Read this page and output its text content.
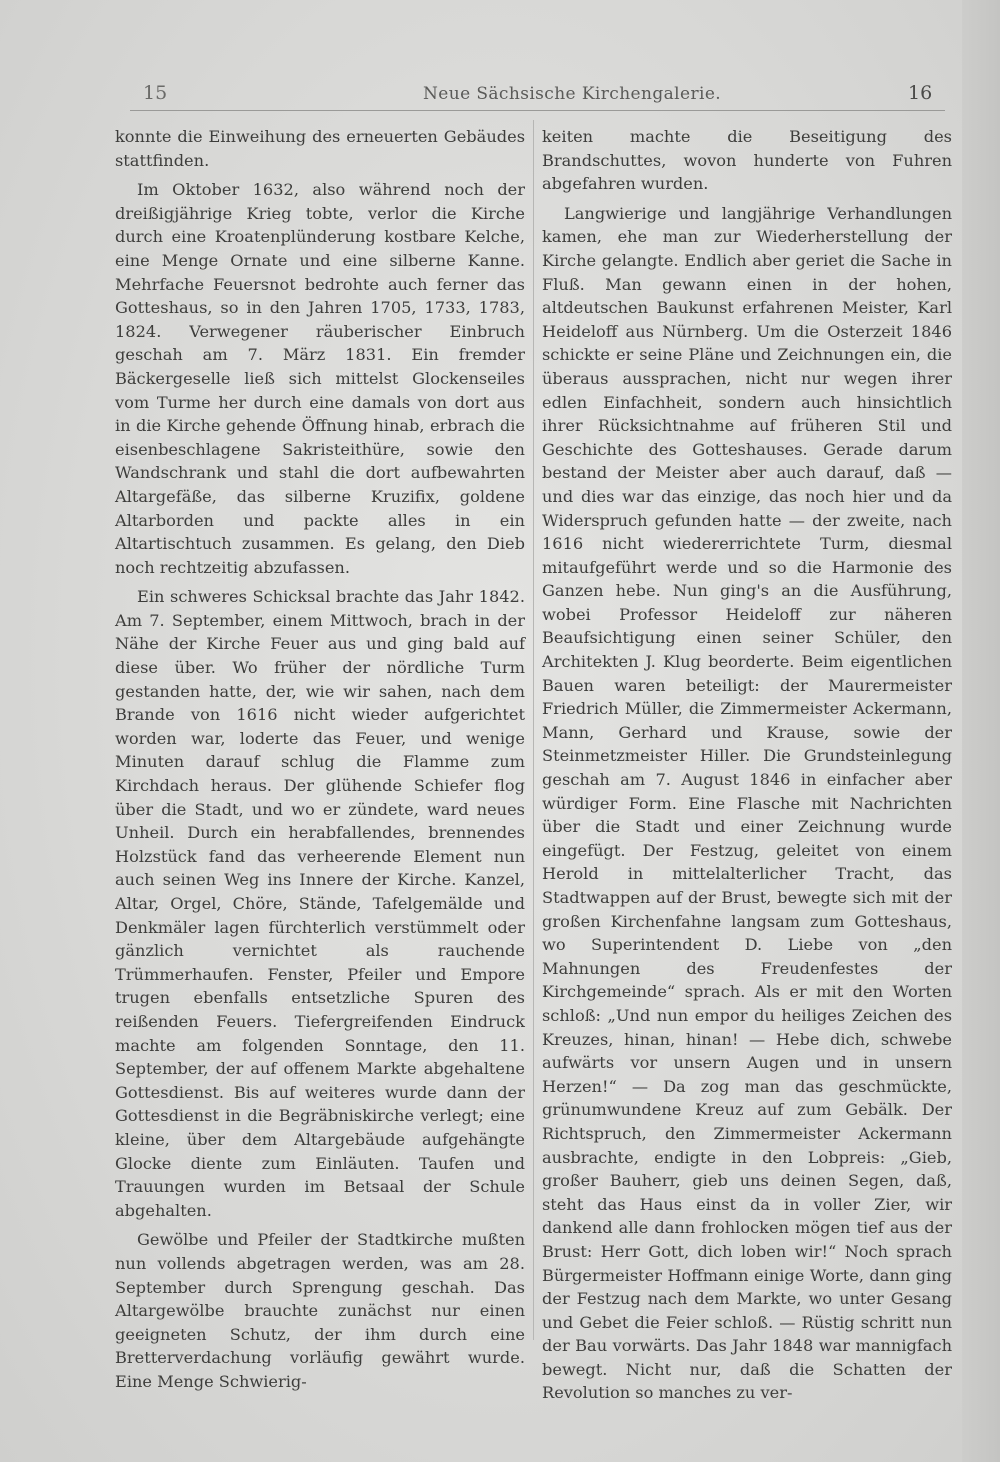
15	Neue Sächsische Kirchengalerie.	16

konnte die Einweihung des erneuerten Gebäudes stattfinden.

Im Oktober 1632, also während noch der dreißigjährige Krieg tobte, verlor die Kirche durch eine Kroatenplünderung kostbare Kelche, eine Menge Ornate und eine silberne Kanne. Mehrfache Feuersnot bedrohte auch ferner das Gotteshaus, so in den Jahren 1705, 1733, 1783, 1824. Verwegener räuberischer Einbruch geschah am 7. März 1831. Ein fremder Bäckergeselle ließ sich mittelst Glockenseiles vom Turme her durch eine damals von dort aus in die Kirche gehende Öffnung hinab, erbrach die eisenbeschlagene Sakristeithüre, sowie den Wandschrank und stahl die dort aufbewahrten Altargefäße, das silberne Kruzifix, goldene Altarborden und packte alles in ein Altartischtuch zusammen. Es gelang, den Dieb noch rechtzeitig abzufassen.

Ein schweres Schicksal brachte das Jahr 1842. Am 7. September, einem Mittwoch, brach in der Nähe der Kirche Feuer aus und ging bald auf diese über. Wo früher der nördliche Turm gestanden hatte, der, wie wir sahen, nach dem Brande von 1616 nicht wieder aufgerichtet worden war, loderte das Feuer, und wenige Minuten darauf schlug die Flamme zum Kirchdach heraus. Der glühende Schiefer flog über die Stadt, und wo er zündete, ward neues Unheil. Durch ein herabfallendes, brennendes Holzstück fand das verheerende Element nun auch seinen Weg ins Innere der Kirche. Kanzel, Altar, Orgel, Chöre, Stände, Tafelgemälde und Denkmäler lagen fürchterlich verstümmelt oder gänzlich vernichtet als rauchende Trümmerhaufen. Fenster, Pfeiler und Empore trugen ebenfalls entsetzliche Spuren des reißenden Feuers. Tiefergreifenden Eindruck machte am folgenden Sonntage, den 11. September, der auf offenem Markte abgehaltene Gottesdienst. Bis auf weiteres wurde dann der Gottesdienst in die Begräbniskirche verlegt; eine kleine, über dem Altargebäude aufgehängte Glocke diente zum Einläuten. Taufen und Trauungen wurden im Betsaal der Schule abgehalten.

Gewölbe und Pfeiler der Stadtkirche mußten nun vollends abgetragen werden, was am 28. September durch Sprengung geschah. Das Altargewölbe brauchte zunächst nur einen geeigneten Schutz, der ihm durch eine Bretterverdachung vorläufig gewährt wurde. Eine Menge Schwierig-

keiten machte die Beseitigung des Brandschuttes, wovon hunderte von Fuhren abgefahren wurden.

Langwierige und langjährige Verhandlungen kamen, ehe man zur Wiederherstellung der Kirche gelangte. Endlich aber geriet die Sache in Fluß. Man gewann einen in der hohen, altdeutschen Baukunst erfahrenen Meister, Karl Heideloff aus Nürnberg. Um die Osterzeit 1846 schickte er seine Pläne und Zeichnungen ein, die überaus aussprachen, nicht nur wegen ihrer edlen Einfachheit, sondern auch hinsichtlich ihrer Rücksichtnahme auf früheren Stil und Geschichte des Gotteshauses. Gerade darum bestand der Meister aber auch darauf, daß — und dies war das einzige, das noch hier und da Widerspruch gefunden hatte — der zweite, nach 1616 nicht wiedererrichtete Turm, diesmal mitaufgeführt werde und so die Harmonie des Ganzen hebe. Nun ging's an die Ausführung, wobei Professor Heideloff zur näheren Beaufsichtigung einen seiner Schüler, den Architekten J. Klug beorderte. Beim eigentlichen Bauen waren beteiligt: der Maurermeister Friedrich Müller, die Zimmermeister Ackermann, Mann, Gerhard und Krause, sowie der Steinmetzmeister Hiller. Die Grundsteinlegung geschah am 7. August 1846 in einfacher aber würdiger Form. Eine Flasche mit Nachrichten über die Stadt und einer Zeichnung wurde eingefügt. Der Festzug, geleitet von einem Herold in mittelalterlicher Tracht, das Stadtwappen auf der Brust, bewegte sich mit der großen Kirchenfahne langsam zum Gotteshaus, wo Superintendent D. Liebe von „den Mahnungen des Freudenfestes der Kirchgemeinde“ sprach. Als er mit den Worten schloß: „Und nun empor du heiliges Zeichen des Kreuzes, hinan, hinan! — Hebe dich, schwebe aufwärts vor unsern Augen und in unsern Herzen!“ — Da zog man das geschmückte, grünumwundene Kreuz auf zum Gebälk. Der Richtspruch, den Zimmermeister Ackermann ausbrachte, endigte in den Lobpreis: „Gieb, großer Bauherr, gieb uns deinen Segen, daß, steht das Haus einst da in voller Zier, wir dankend alle dann frohlocken mögen tief aus der Brust: Herr Gott, dich loben wir!“ Noch sprach Bürgermeister Hoffmann einige Worte, dann ging der Festzug nach dem Markte, wo unter Gesang und Gebet die Feier schloß. — Rüstig schritt nun der Bau vorwärts. Das Jahr 1848 war mannigfach bewegt. Nicht nur, daß die Schatten der Revolution so manches zu ver-
